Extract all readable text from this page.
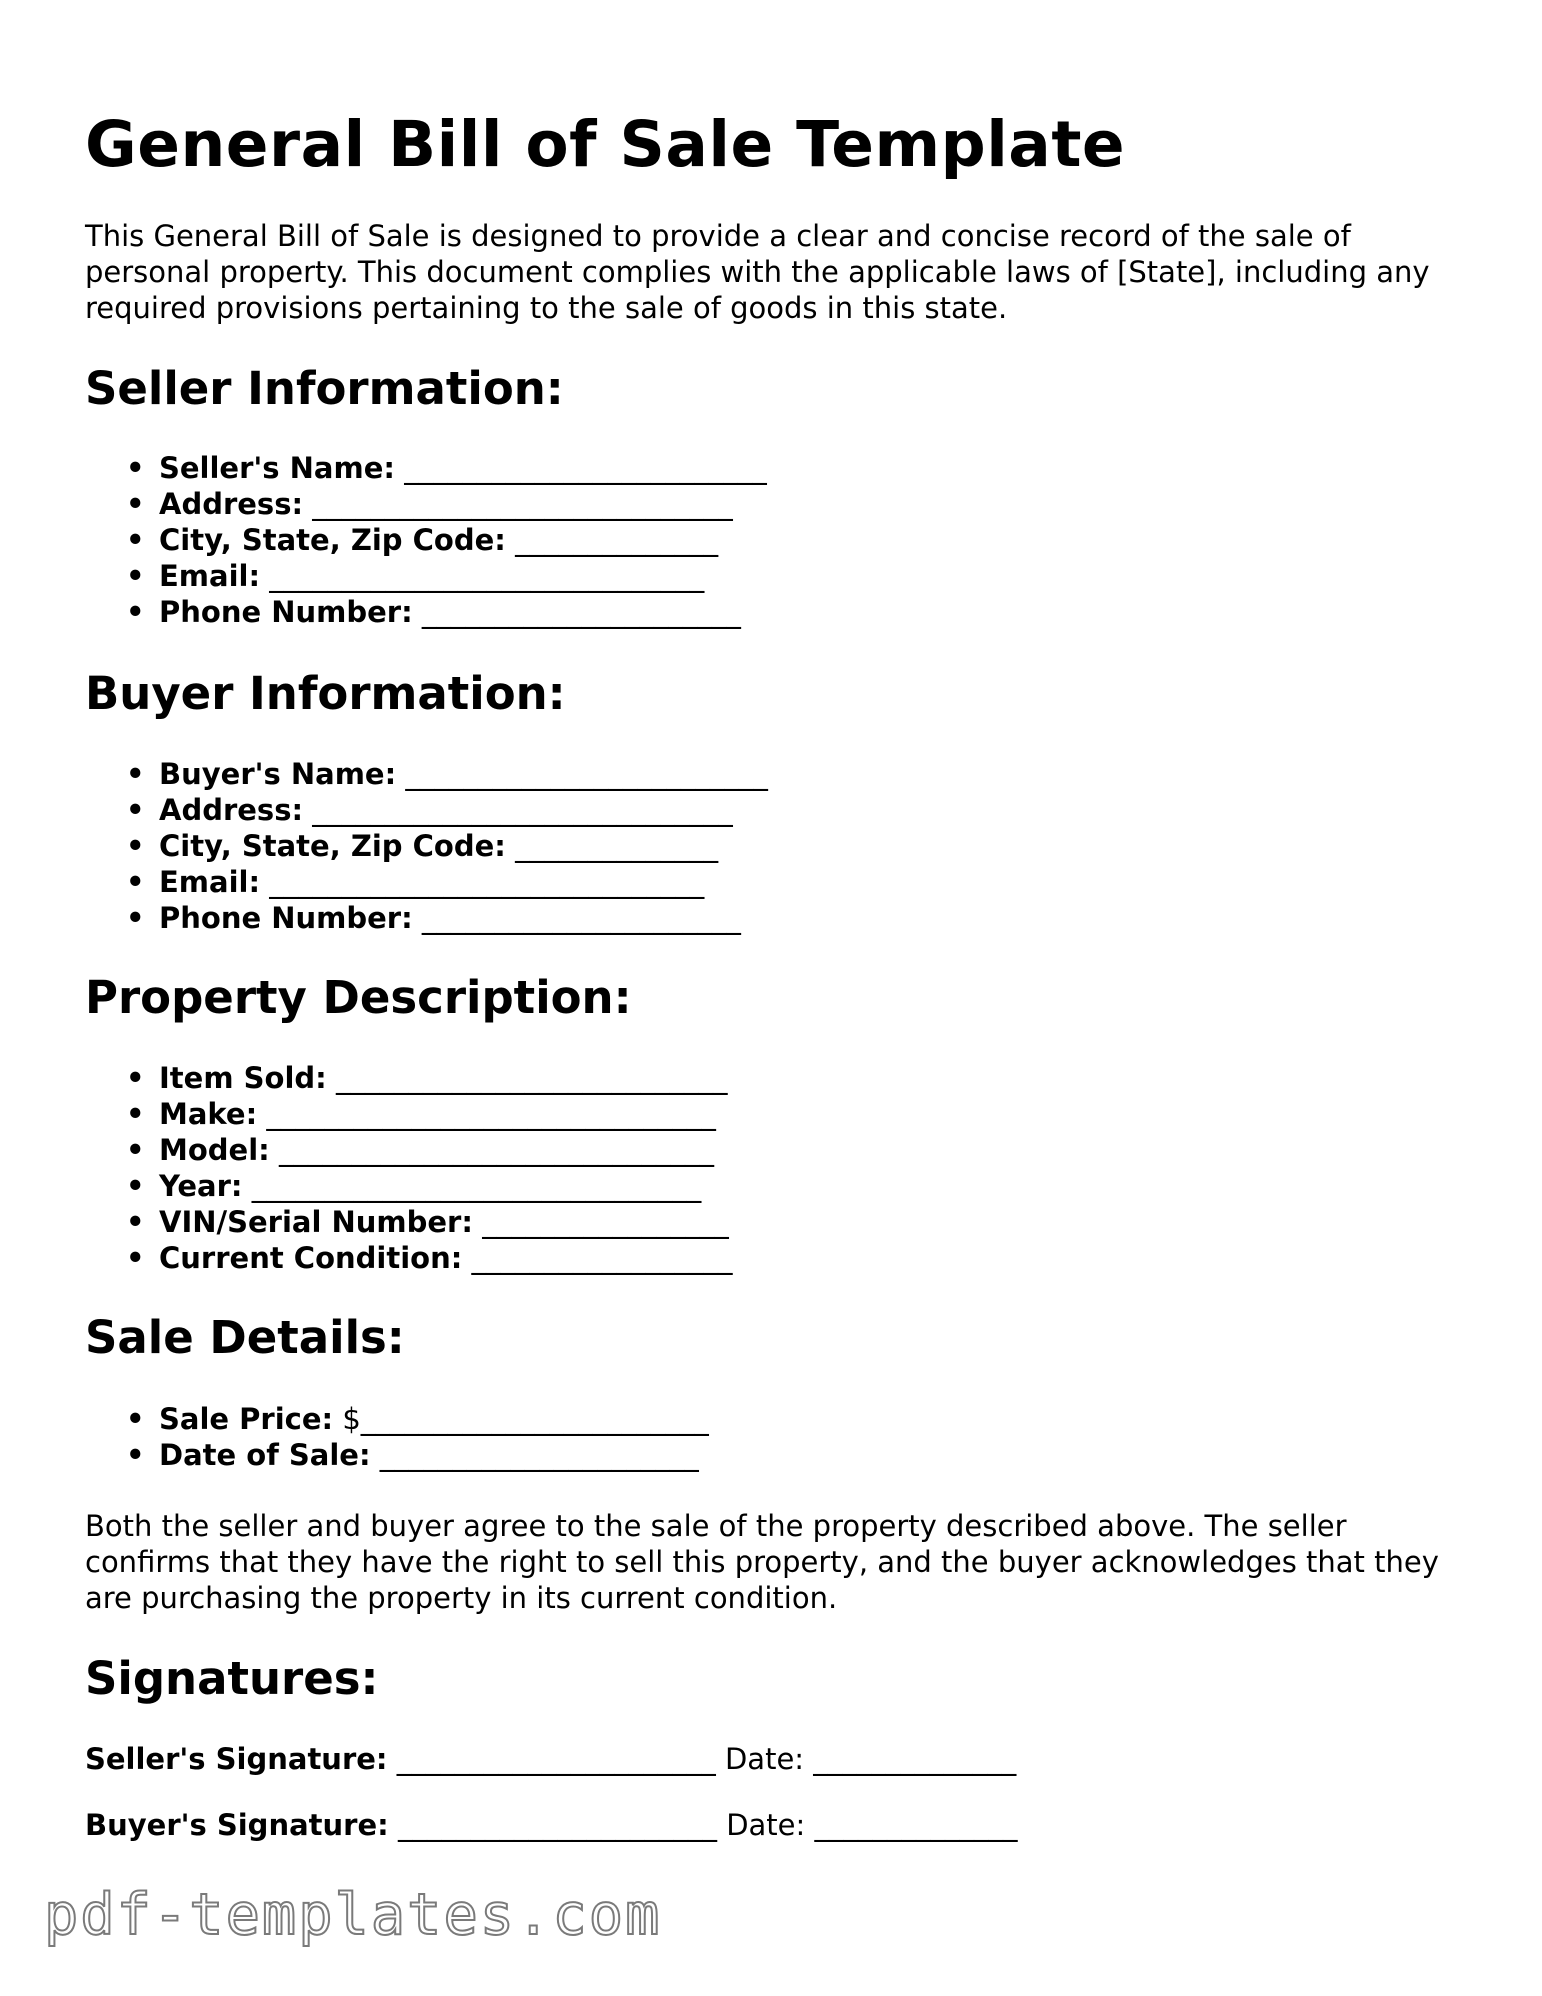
General Bill of Sale Template

This General Bill of Sale is designed to provide a clear and concise record of the sale of personal property. This document complies with the applicable laws of [State], including any required provisions pertaining to the sale of goods in this state.

Seller Information:
• Seller's Name: _________________________
• Address: _____________________________
• City, State, Zip Code: ______________
• Email: ______________________________
• Phone Number: ______________________
Buyer Information:
• Buyer's Name: _________________________
• Address: _____________________________
• City, State, Zip Code: ______________
• Email: ______________________________
• Phone Number: ______________________
Property Description:
• Item Sold: ___________________________
• Make: _______________________________
• Model: ______________________________
• Year: _______________________________
• VIN/Serial Number: _________________
• Current Condition: __________________
Sale Details:
• Sale Price: $________________________
• Date of Sale: ______________________

Both the seller and buyer agree to the sale of the property described above. The seller confirms that they have the right to sell this property, and the buyer acknowledges that they are purchasing the property in its current condition.

Signatures:
Seller's Signature: ______________________ Date: ______________
Buyer's Signature: ______________________ Date: ______________
pdf-templates.com
